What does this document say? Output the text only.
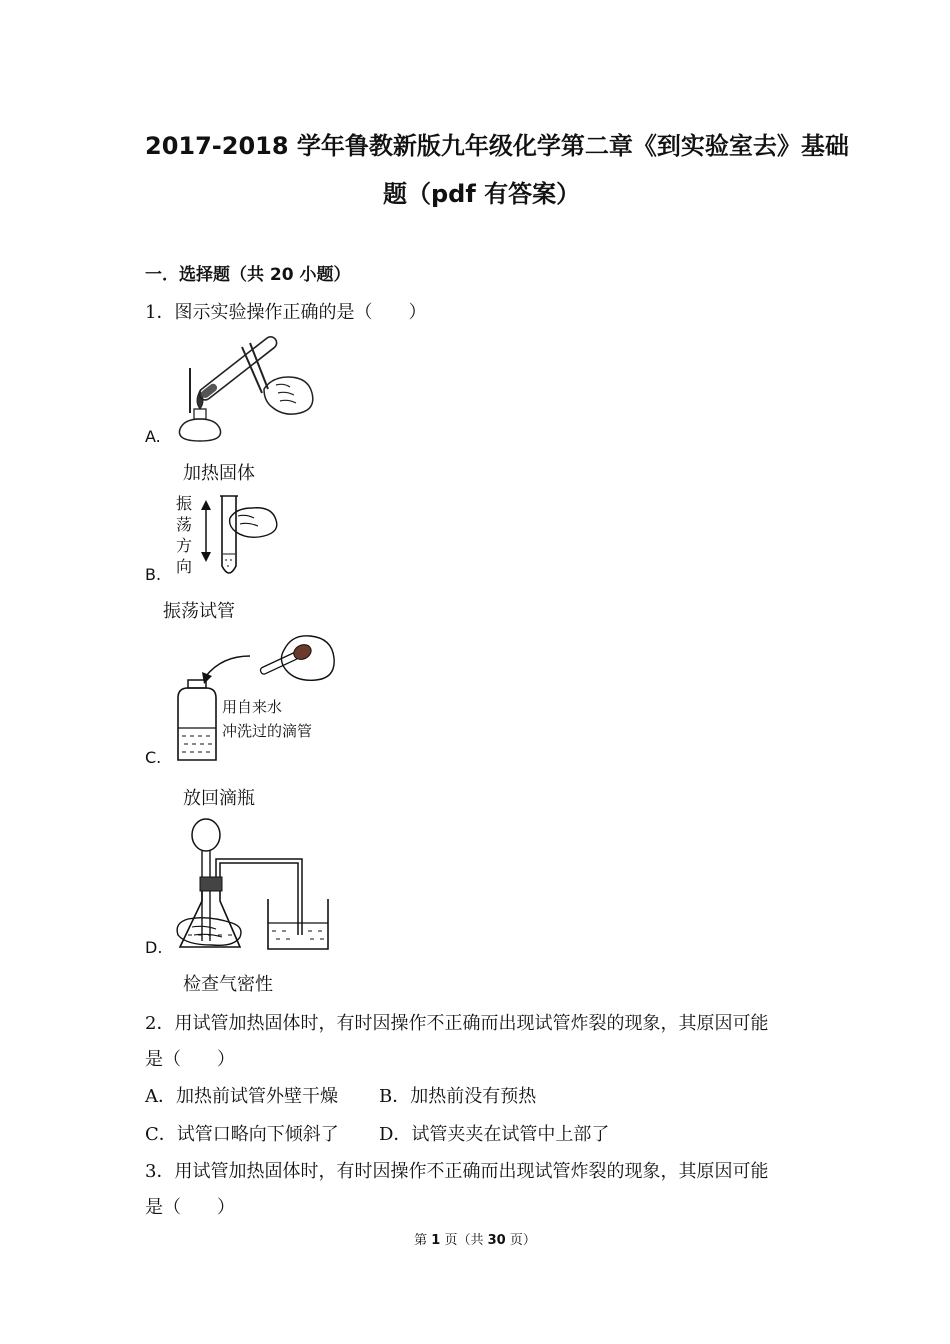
2017-2018 学年鲁教新版九年级化学第二章《到实验室去》基础
题（pdf 有答案）
一．选择题（共 20 小题）
1．图示实验操作正确的是（　　）
A.
加热固体
振
荡
方
向
B.
振荡试管
用自来水
冲洗过的滴管
C.
放回滴瓶
D.
检查气密性
2．用试管加热固体时，有时因操作不正确而出现试管炸裂的现象，其原因可能
是（　　）
A．加热前试管外壁干燥 B．加热前没有预热
C．试管口略向下倾斜了 D．试管夹夹在试管中上部了
3．用试管加热固体时，有时因操作不正确而出现试管炸裂的现象，其原因可能
是（　　）
第 1 页（共 30 页）
